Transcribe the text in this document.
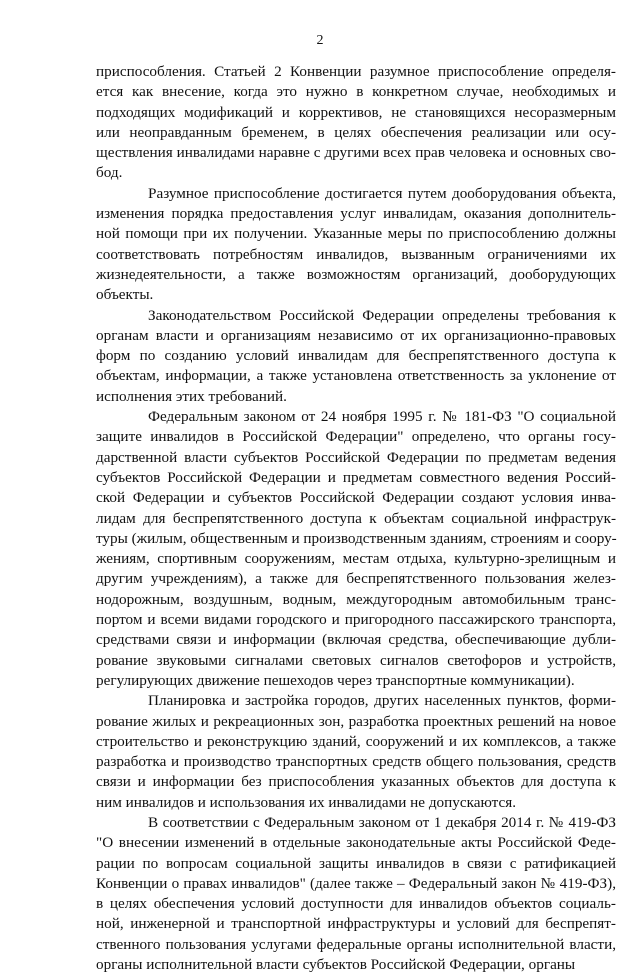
2
приспособления. Статьей 2 Конвенции разумное приспособление определя-
ется как внесение, когда это нужно в конкретном случае, необходимых и
подходящих модификаций и коррективов, не становящихся несоразмерным
или неоправданным бременем, в целях обеспечения реализации или осу-
ществления инвалидами наравне с другими всех прав человека и основных сво-
бод.
Разумное приспособление достигается путем дооборудования объекта,
изменения порядка предоставления услуг инвалидам, оказания дополнитель-
ной помощи при их получении. Указанные меры по приспособлению должны
соответствовать потребностям инвалидов, вызванным ограничениями их
жизнедеятельности, а также возможностям организаций, дооборудующих
объекты.
Законодательством Российской Федерации определены требования к
органам власти и организациям независимо от их организационно-правовых
форм по созданию условий инвалидам для беспрепятственного доступа к
объектам, информации, а также установлена ответственность за уклонение от
исполнения этих требований.
Федеральным законом от 24 ноября 1995 г. № 181-ФЗ "О социальной
защите инвалидов в Российской Федерации" определено, что органы госу-
дарственной власти субъектов Российской Федерации по предметам ведения
субъектов Российской Федерации и предметам совместного ведения Россий-
ской Федерации и субъектов Российской Федерации создают условия инва-
лидам для беспрепятственного доступа к объектам социальной инфраструк-
туры (жилым, общественным и производственным зданиям, строениям и соору-
жениям, спортивным сооружениям, местам отдыха, культурно-зрелищным и
другим учреждениям), а также для беспрепятственного пользования желез-
нодорожным, воздушным, водным, междугородным автомобильным транс-
портом и всеми видами городского и пригородного пассажирского транспорта,
средствами связи и информации (включая средства, обеспечивающие дубли-
рование звуковыми сигналами световых сигналов светофоров и устройств,
регулирующих движение пешеходов через транспортные коммуникации).
Планировка и застройка городов, других населенных пунктов, форми-
рование жилых и рекреационных зон, разработка проектных решений на новое
строительство и реконструкцию зданий, сооружений и их комплексов, а также
разработка и производство транспортных средств общего пользования, средств
связи и информации без приспособления указанных объектов для доступа к
ним инвалидов и использования их инвалидами не допускаются.
В соответствии с Федеральным законом от 1 декабря 2014 г. № 419-ФЗ
"О внесении изменений в отдельные законодательные акты Российской Феде-
рации по вопросам социальной защиты инвалидов в связи с ратификацией
Конвенции о правах инвалидов" (далее также – Федеральный закон № 419-ФЗ),
в целях обеспечения условий доступности для инвалидов объектов социаль-
ной, инженерной и транспортной инфраструктуры и условий для беспрепят-
ственного пользования услугами федеральные органы исполнительной власти,
органы исполнительной власти субъектов Российской Федерации, органы
